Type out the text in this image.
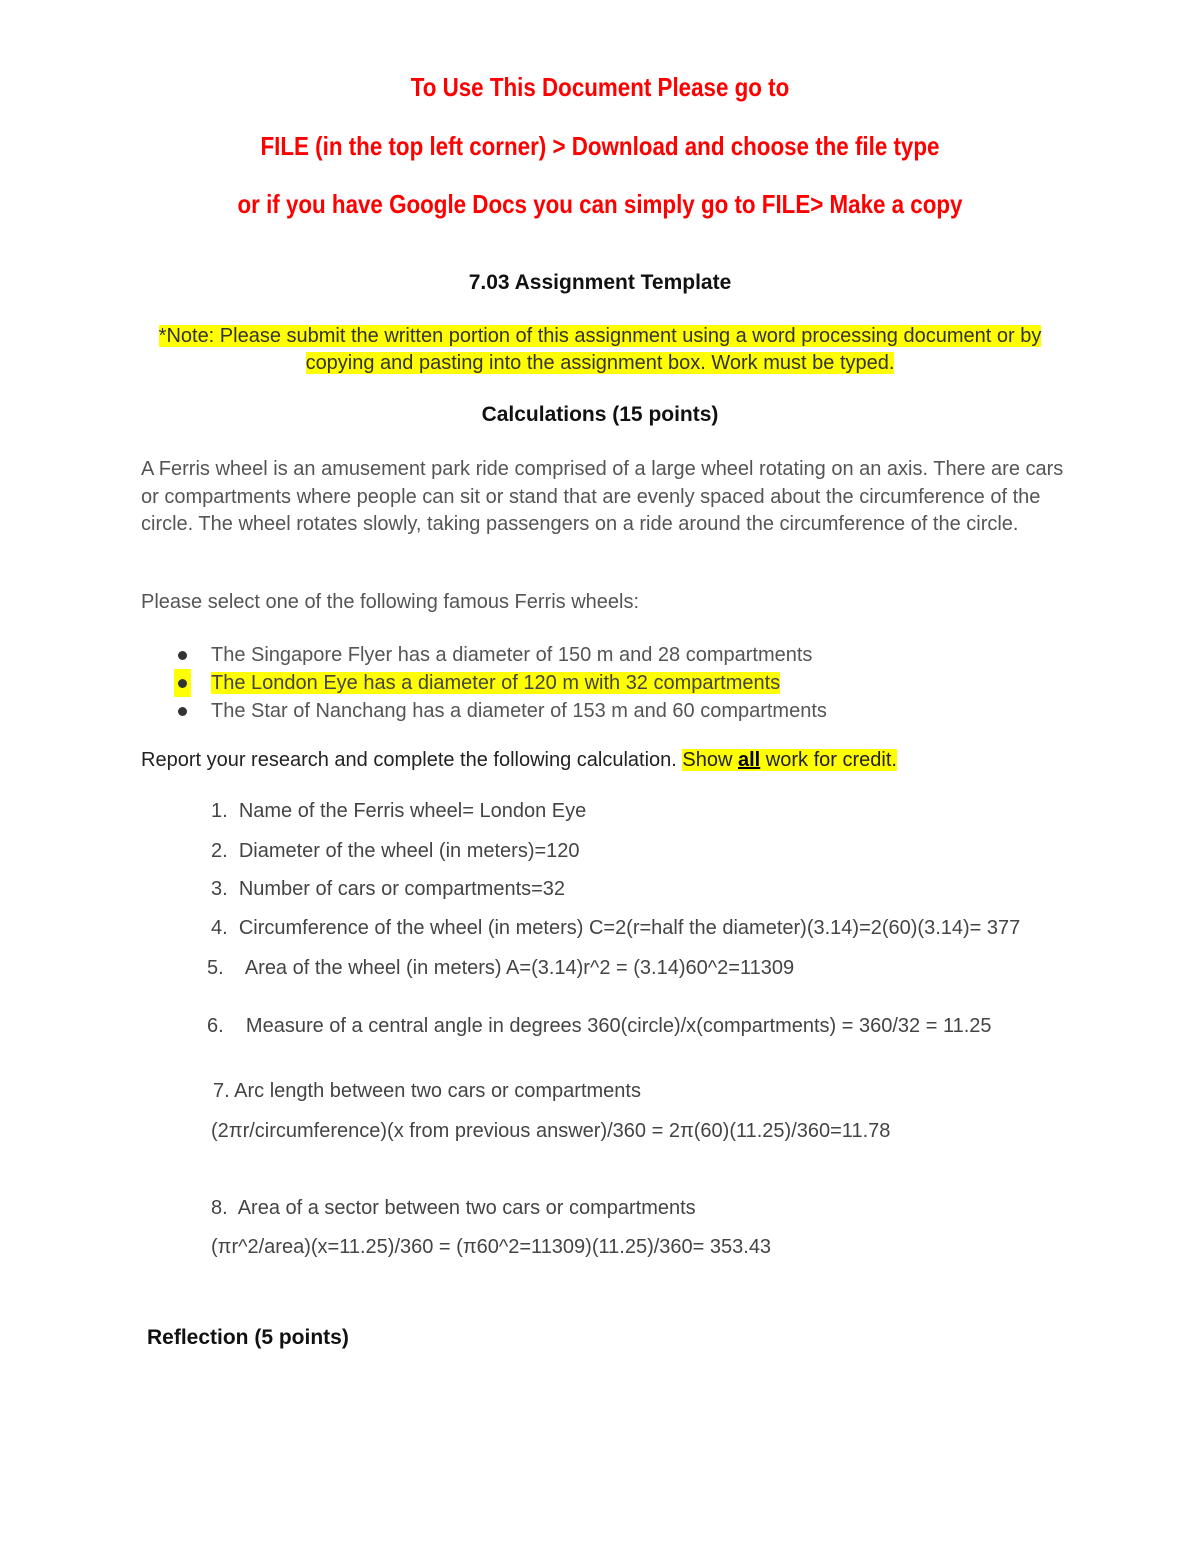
To Use This Document Please go to
FILE (in the top left corner) > Download and choose the file type
or if you have Google Docs you can simply go to FILE> Make a copy
7.03 Assignment Template
*Note: Please submit the written portion of this assignment using a word processing document or by copying and pasting into the assignment box. Work must be typed.
Calculations (15 points)
A Ferris wheel is an amusement park ride comprised of a large wheel rotating on an axis. There are cars or compartments where people can sit or stand that are evenly spaced about the circumference of the circle. The wheel rotates slowly, taking passengers on a ride around the circumference of the circle.
Please select one of the following famous Ferris wheels:
The Singapore Flyer has a diameter of 150 m and 28 compartments
The London Eye has a diameter of 120 m with 32 compartments
The Star of Nanchang has a diameter of 153 m and 60 compartments
Report your research and complete the following calculation. Show all work for credit.
1. Name of the Ferris wheel= London Eye
2. Diameter of the wheel (in meters)=120
3. Number of cars or compartments=32
4. Circumference of the wheel (in meters) C=2(r=half the diameter)(3.14)=2(60)(3.14)= 377
5. Area of the wheel (in meters) A=(3.14)r^2 = (3.14)60^2=11309
6. Measure of a central angle in degrees 360(circle)/x(compartments) = 360/32 = 11.25
7. Arc length between two cars or compartments
(2πr/circumference)(x from previous answer)/360 = 2π(60)(11.25)/360=11.78
8. Area of a sector between two cars or compartments
(πr^2/area)(x=11.25)/360 = (π60^2=11309)(11.25)/360= 353.43
Reflection (5 points)
